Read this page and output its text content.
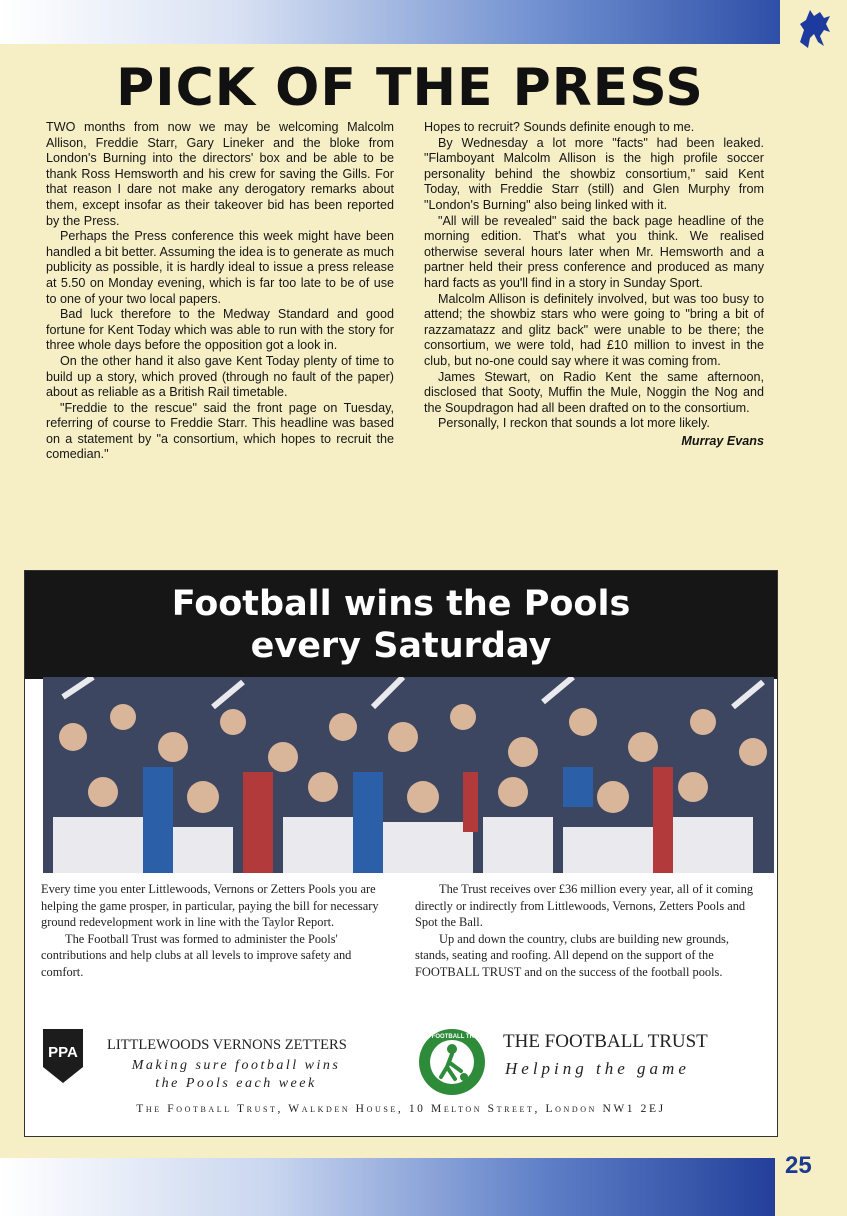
PICK OF THE PRESS

TWO months from now we may be welcoming Malcolm Allison, Freddie Starr, Gary Lineker and the bloke from London's Burning into the directors' box and be able to be thank Ross Hemsworth and his crew for saving the Gills. For that reason I dare not make any derogatory remarks about them, except insofar as their takeover bid has been reported by the Press.

Perhaps the Press conference this week might have been handled a bit better. Assuming the idea is to generate as much publicity as possible, it is hardly ideal to issue a press release at 5.50 on Monday evening, which is far too late to be of use to one of your two local papers.

Bad luck therefore to the Medway Standard and good fortune for Kent Today which was able to run with the story for three whole days before the opposition got a look in.

On the other hand it also gave Kent Today plenty of time to build up a story, which proved (through no fault of the paper) about as reliable as a British Rail timetable.

"Freddie to the rescue" said the front page on Tuesday, referring of course to Freddie Starr. This headline was based on a statement by "a consortium, which hopes to recruit the comedian."

Hopes to recruit? Sounds definite enough to me.

By Wednesday a lot more "facts" had been leaked. "Flamboyant Malcolm Allison is the high profile soccer personality behind the showbiz consortium," said Kent Today, with Freddie Starr (still) and Glen Murphy from "London's Burning" also being linked with it.

"All will be revealed" said the back page headline of the morning edition. That's what you think. We realised otherwise several hours later when Mr. Hemsworth and a partner held their press conference and produced as many hard facts as you'll find in a story in Sunday Sport.

Malcolm Allison is definitely involved, but was too busy to attend; the showbiz stars who were going to "bring a bit of razzamatazz and glitz back" were unable to be there; the consortium, we were told, had £10 million to invest in the club, but no-one could say where it was coming from.

James Stewart, on Radio Kent the same afternoon, disclosed that Sooty, Muffin the Mule, Noggin the Nog and the Soupdragon had all been drafted on to the consortium.

Personally, I reckon that sounds a lot more likely.

Murray Evans
Football wins the Pools
every Saturday

Every time you enter Littlewoods, Vernons or Zetters Pools you are helping the game prosper, in particular, paying the bill for necessary ground redevelopment work in line with the Taylor Report.

The Football Trust was formed to administer the Pools' contributions and help clubs at all levels to improve safety and comfort.

The Trust receives over £36 million every year, all of it coming directly or indirectly from Littlewoods, Vernons, Zetters Pools and Spot the Ball.

Up and down the country, clubs are building new grounds, stands, seating and roofing. All depend on the support of the FOOTBALL TRUST and on the success of the football pools.

PPA LITTLEWOODS VERNONS ZETTERS
Making sure football wins
the Pools each week
THE FOOTBALL TRUST THE FOOTBALL TRUST
Helping the game
The Football Trust, Walkden House, 10 Melton Street, London NW1 2EJ
25
